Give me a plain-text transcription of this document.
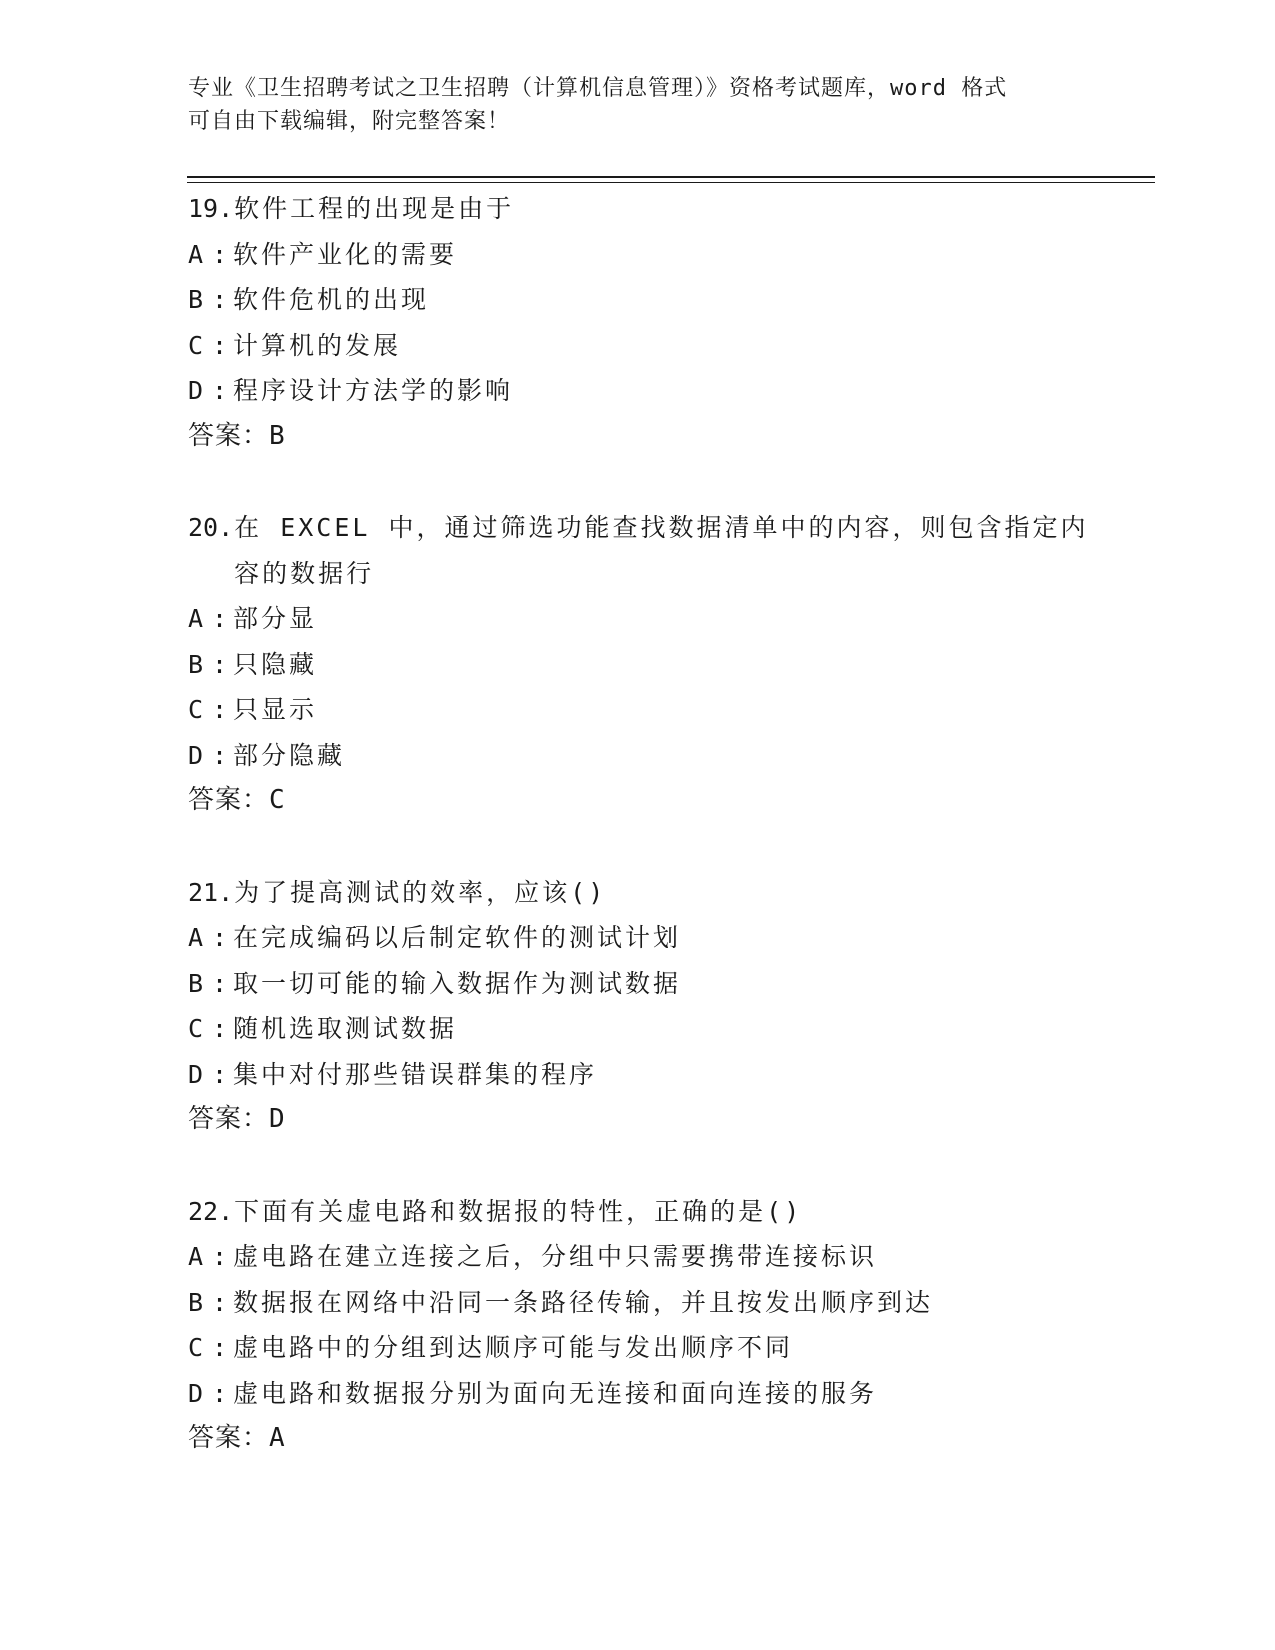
专业《卫生招聘考试之卫生招聘（计算机信息管理）》资格考试题库，word 格式
可自由下载编辑，附完整答案！
19. 软件工程的出现是由于
A : 软件产业化的需要
B : 软件危机的出现
C : 计算机的发展
D : 程序设计方法学的影响
答案：B
20. 在 EXCEL 中，通过筛选功能查找数据清单中的内容，则包含指定内容的数据行
A : 部分显
B : 只隐藏
C : 只显示
D : 部分隐藏
答案：C
21. 为了提高测试的效率，应该()
A : 在完成编码以后制定软件的测试计划
B : 取一切可能的输入数据作为测试数据
C : 随机选取测试数据
D : 集中对付那些错误群集的程序
答案：D
22. 下面有关虚电路和数据报的特性，正确的是()
A : 虚电路在建立连接之后，分组中只需要携带连接标识
B : 数据报在网络中沿同一条路径传输，并且按发出顺序到达
C : 虚电路中的分组到达顺序可能与发出顺序不同
D : 虚电路和数据报分别为面向无连接和面向连接的服务
答案：A
